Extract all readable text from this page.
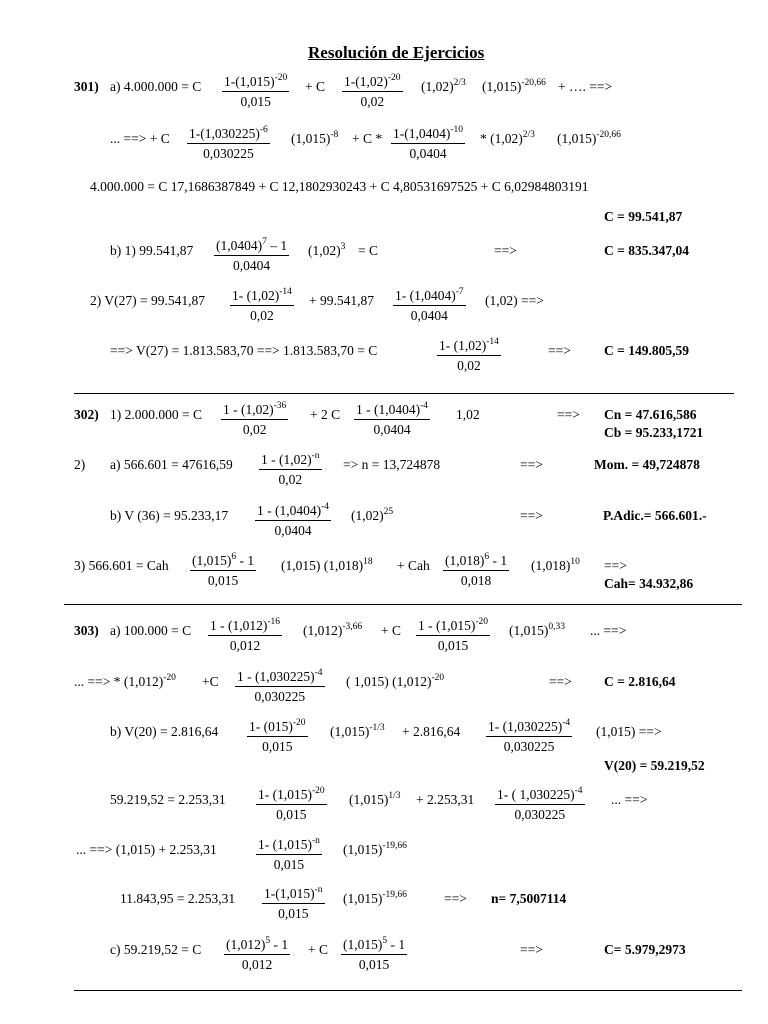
Resolución de Ejercicios
301) a) 4.000.000 = C $1-(1,015)^{-20}$
0,015
+ C $1-(1,02)^{-20}$
0,02
$(1,02)^{2/3}$ $(1,015)^{-20,66}$ + …. ==>
... ==> + C $1-(1,030225)^{-6}$
0,030225
$(1,015)^{-8} + C * 1-(1,0404)^{-10}$
0,0404
* $(1,02)^{2/3}$ $(1,015)^{-20,66}$
4.000.000 = C 17,1686387849 + C 12,1802930243 + C 4,80531697525 + C 6,02984803191
C = 99.541,87
b) 1) 99.541,87 $(1,0404)^7 - 1$
0,0404
$(1,02)^3 = C$	==>	C = 835.347,04
2) V(27) = 99.541,87 1- $(1,02)^{-14}$
0,02
+ 99.541,87 1- $(1,0404)^{-7}$
0,0404
(1,02) ==>
==> V(27) = 1.813.583,70 ==> 1.813.583,70 = C	1- $(1,02)^{-14}$
0,02
==> C = 149.805,59
302) 1) 2.000.000 = C $1 - (1,02)^{-36}$
0,02
+ 2 C $1 - (1,0404)^{-4}$
0,0404
1,02	==> Cn = 47.616,586
Cb = 95.233,1721
2) a) 566.601 = 47616,59 $1 - (1,02)^{-n}$
0,02
=> n = 13,724878	==>	Mom. = 49,724878
b) V (36) = 95.233,17 $1 - (1,0404)^{-4}$
0,0404
$(1,02)^{25}$	==>	P.Adic.= 566.601.-
3) 566.601 = Cah $(1,015)^6 - 1$
0,015
(1,015) $(1,018)^{18}$ + Cah $(1,018)^6 - 1$
0,018
$(1,018)^{10}$ ==>
Cah= 34.932,86
303) a) 100.000 = C $1 - (1,012)^{-16}$
0,012
$(1,012)^{-3,66} + C$ $1 - (1,015)^{-20}$
0,015
$(1,015)^{0,33}$ ... ==>
... ==> * $(1,012)^{-20} +C$ $1 - (1,030225)^{-4}$
0,030225
( 1,015) $(1,012)^{-20}$	==> C = 2.816,64
b) V(20) = 2.816,64 1- $(015)^{-20}$
0,015
$(1,015)^{-1/3} + 2.816,64$ 1- $(1,030225)^{-4}$
0,030225
(1,015) ==>
V(20) = 59.219,52
59.219,52 = 2.253,31 1- $(1,015)^{-20}$
0,015
$(1,015)^{1/3} + 2.253,31$ 1- ( 1,030225)$^{-4}$
0,030225
... ==>
... ==> (1,015) + 2.253,31	1- $(1,015)^{-n}$
0,015
$(1,015)^{-19,66}$
11.843,95 = 2.253,31 $1-(1,015)^{-n}$
0,015
$(1,015)^{-19,66}$	==> n= 7,5007114
c) 59.219,52 = C $(1,012)^5 - 1$
0,012
+ C $(1,015)^5 - 1$
0,015
==>	C= 5.979,2973
